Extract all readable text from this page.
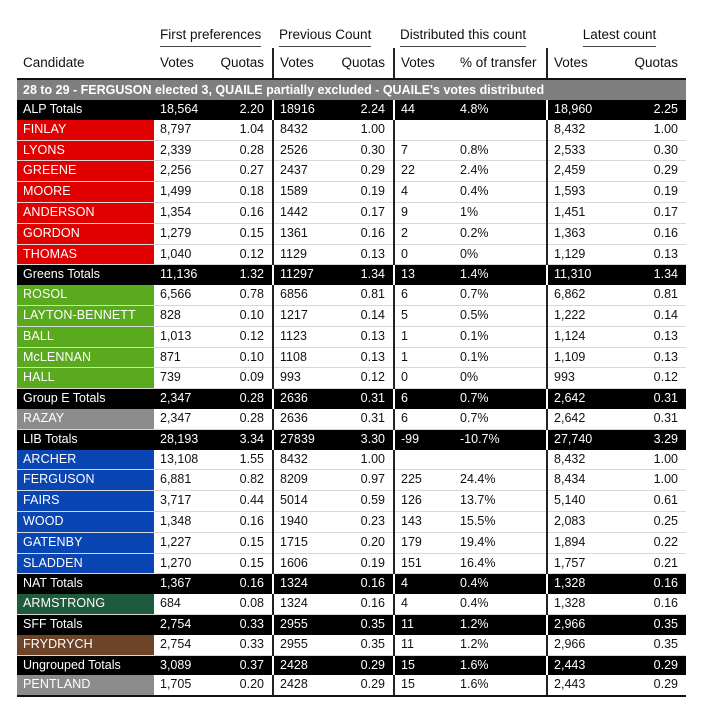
	First preferences		Previous Count		Distributed this count		Latest count	
Candidate	Votes	Quotas	Votes	Quotas	Votes	% of transfer	Votes	Quotas
28 to 29 - FERGUSON elected 3, QUAILE partially excluded - QUAILE's votes distributed								
ALP Totals	18,564	2.20	18916	2.24	44	4.8%	18,960	2.25
FINLAY	8,797	1.04	8432	1.00			8,432	1.00
LYONS	2,339	0.28	2526	0.30	7	0.8%	2,533	0.30
GREENE	2,256	0.27	2437	0.29	22	2.4%	2,459	0.29
MOORE	1,499	0.18	1589	0.19	4	0.4%	1,593	0.19
ANDERSON	1,354	0.16	1442	0.17	9	1%	1,451	0.17
GORDON	1,279	0.15	1361	0.16	2	0.2%	1,363	0.16
THOMAS	1,040	0.12	1129	0.13	0	0%	1,129	0.13
Greens Totals	11,136	1.32	11297	1.34	13	1.4%	11,310	1.34
ROSOL	6,566	0.78	6856	0.81	6	0.7%	6,862	0.81
LAYTON-BENNETT	828	0.10	1217	0.14	5	0.5%	1,222	0.14
BALL	1,013	0.12	1123	0.13	1	0.1%	1,124	0.13
McLENNAN	871	0.10	1108	0.13	1	0.1%	1,109	0.13
HALL	739	0.09	993	0.12	0	0%	993	0.12
Group E Totals	2,347	0.28	2636	0.31	6	0.7%	2,642	0.31
RAZAY	2,347	0.28	2636	0.31	6	0.7%	2,642	0.31
LIB Totals	28,193	3.34	27839	3.30	-99	-10.7%	27,740	3.29
ARCHER	13,108	1.55	8432	1.00			8,432	1.00
FERGUSON	6,881	0.82	8209	0.97	225	24.4%	8,434	1.00
FAIRS	3,717	0.44	5014	0.59	126	13.7%	5,140	0.61
WOOD	1,348	0.16	1940	0.23	143	15.5%	2,083	0.25
GATENBY	1,227	0.15	1715	0.20	179	19.4%	1,894	0.22
SLADDEN	1,270	0.15	1606	0.19	151	16.4%	1,757	0.21
NAT Totals	1,367	0.16	1324	0.16	4	0.4%	1,328	0.16
ARMSTRONG	684	0.08	1324	0.16	4	0.4%	1,328	0.16
SFF Totals	2,754	0.33	2955	0.35	11	1.2%	2,966	0.35
FRYDRYCH	2,754	0.33	2955	0.35	11	1.2%	2,966	0.35
Ungrouped Totals	3,089	0.37	2428	0.29	15	1.6%	2,443	0.29
PENTLAND	1,705	0.20	2428	0.29	15	1.6%	2,443	0.29
